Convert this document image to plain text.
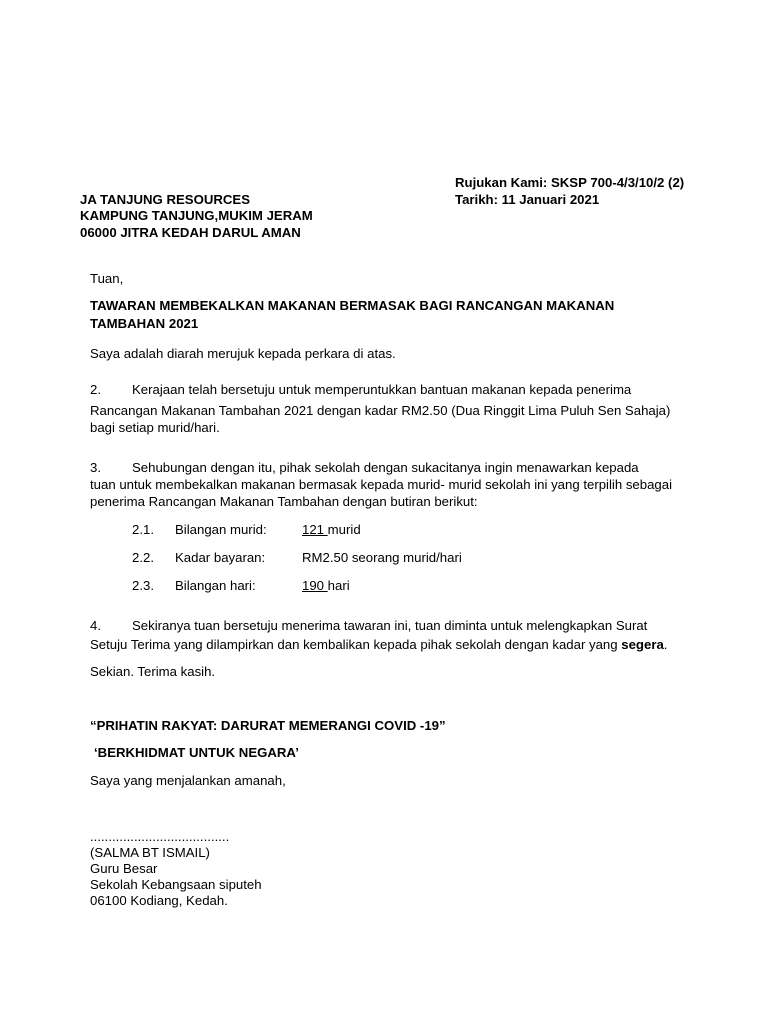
Rujukan Kami: SKSP 700-4/3/10/2 (2)
Tarikh: 11 Januari 2021
JA TANJUNG RESOURCES
KAMPUNG TANJUNG,MUKIM JERAM
06000 JITRA KEDAH DARUL AMAN
Tuan,
TAWARAN MEMBEKALKAN MAKANAN BERMASAK BAGI RANCANGAN MAKANAN
TAMBAHAN 2021
Saya adalah diarah merujuk kepada perkara di atas.
2. Kerajaan telah bersetuju untuk memperuntukkan bantuan makanan kepada penerima
Rancangan Makanan Tambahan 2021 dengan kadar RM2.50 (Dua Ringgit Lima Puluh Sen Sahaja)
bagi setiap murid/hari.
3. Sehubungan dengan itu, pihak sekolah dengan sukacitanya ingin menawarkan kepada
tuan untuk membekalkan makanan bermasak kepada murid- murid sekolah ini yang terpilih sebagai
penerima Rancangan Makanan Tambahan dengan butiran berikut:
2.1. Bilangan murid:	121 murid
2.2. Kadar bayaran:	RM2.50 seorang murid/hari
2.3. Bilangan hari:	190 hari
4. Sekiranya tuan bersetuju menerima tawaran ini, tuan diminta untuk melengkapkan Surat
Setuju Terima yang dilampirkan dan kembalikan kepada pihak sekolah dengan kadar yang segera.
Sekian. Terima kasih.
“PRIHATIN RAKYAT: DARURAT MEMERANGI COVID -19”
‘BERKHIDMAT UNTUK NEGARA’
Saya yang menjalankan amanah,
......................................
(SALMA BT ISMAIL)
Guru Besar
Sekolah Kebangsaan siputeh
06100 Kodiang, Kedah.
